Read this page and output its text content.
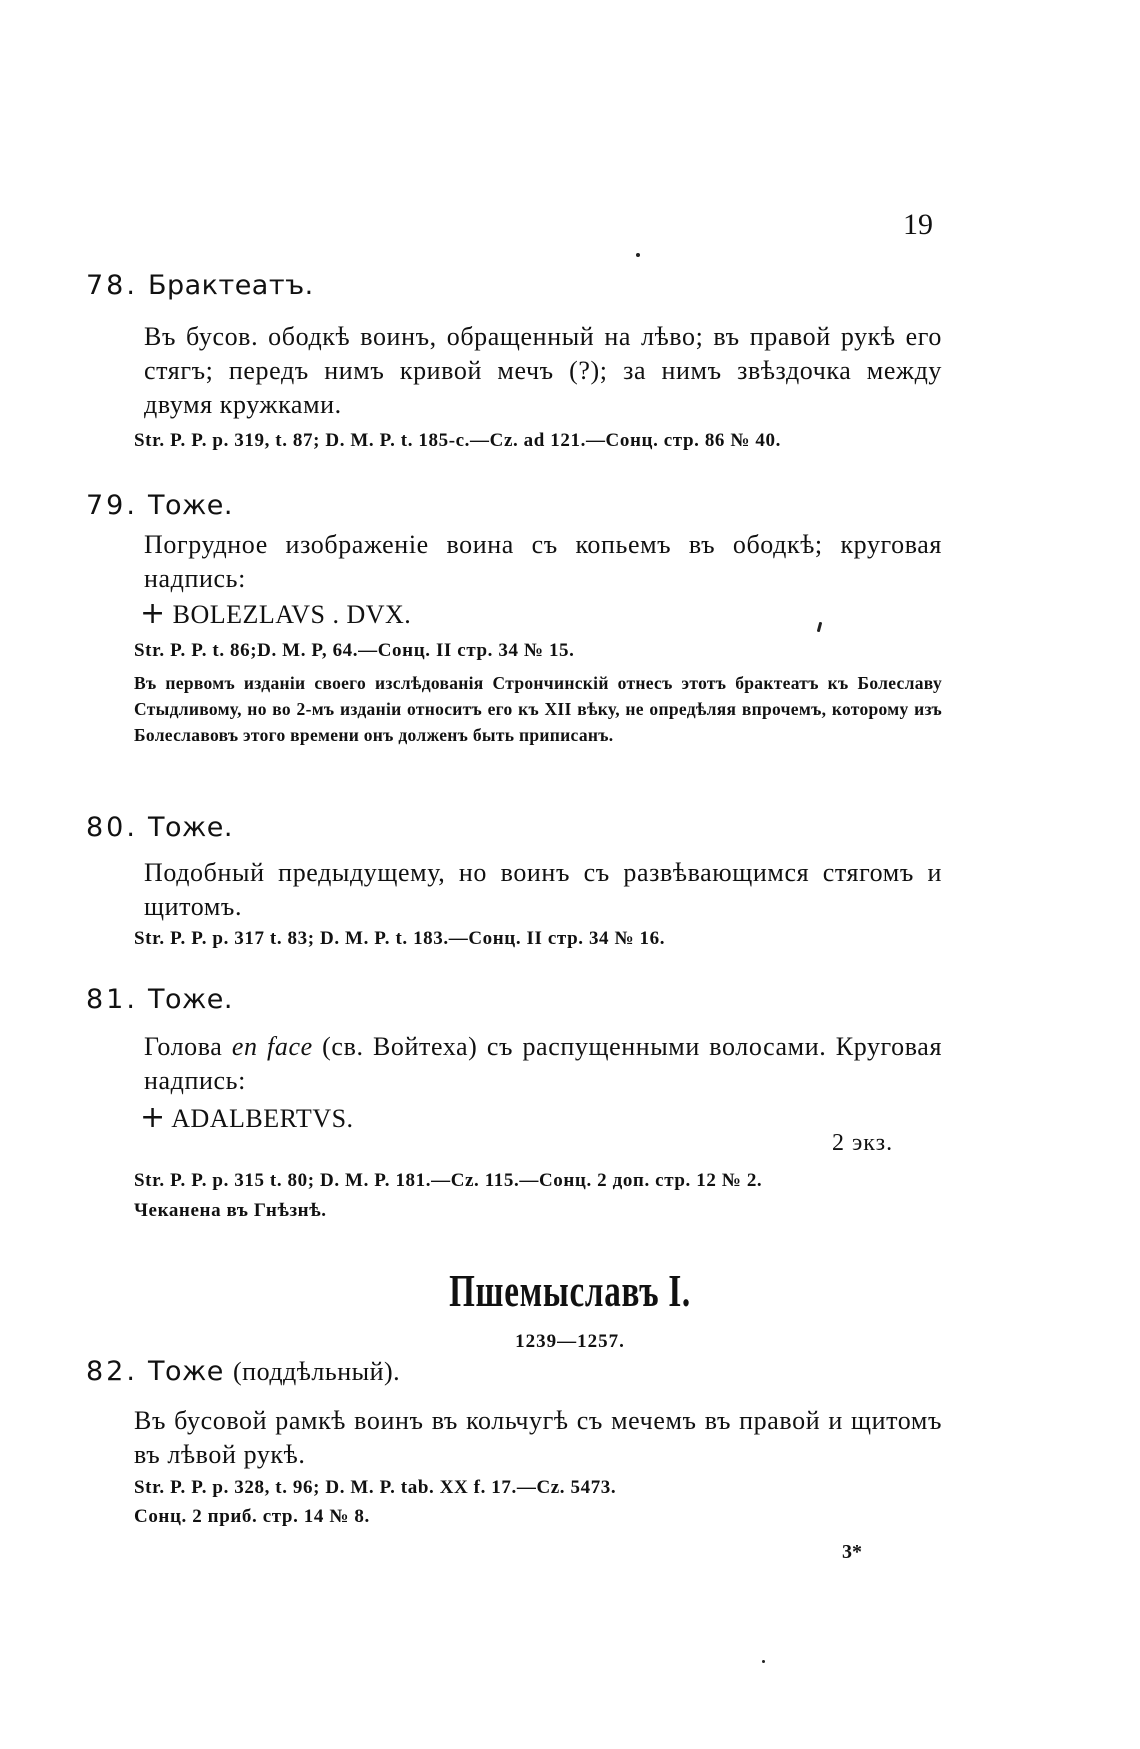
19
78. Брактеатъ.
Въ бусов. ободкѣ воинъ, обращенный на лѣво; въ правой рукѣ его стягъ; передъ нимъ кривой мечъ (?); за нимъ звѣздочка между двумя кружками.
Str. P. P. p. 319, t. 87; D. M. P. t. 185-c.—Cz. ad 121.—Сонц. стр. 86 № 40.
79. Тоже.
Погрудное изображеніе воина съ копьемъ въ ободкѣ; круговая надпись:
+ BOLEZLAVS . DVX.
Str. P. P. t. 86;D. M. P, 64.—Сонц. II стр. 34 № 15.
Въ первомъ изданіи своего изслѣдованія Стрончинскій отнесъ этотъ брактеатъ къ Болеславу Стыдливому, но во 2-мъ изданіи относитъ его къ XII вѣку, не опредѣляя впрочемъ, которому изъ Болеславовъ этого времени онъ долженъ быть приписанъ.
80. Тоже.
Подобный предыдущему, но воинъ съ развѣвающимся стягомъ и щитомъ.
Str. P. P. p. 317 t. 83; D. M. P. t. 183.—Сонц. II стр. 34 № 16.
81. Тоже.
Голова en face (св. Войтеха) съ распущенными волосами. Круговая надпись:
+ ADALBERTVS.
2 экз.
Str. P. P. p. 315 t. 80; D. M. P. 181.—Cz. 115.—Сонц. 2 доп. стр. 12 № 2.
Чеканена въ Гнѣзнѣ.
Пшемыславъ I.
1239—1257.
82. Тоже (поддѣльный).
Въ бусовой рамкѣ воинъ въ кольчугѣ съ мечемъ въ правой и щитомъ въ лѣвой рукѣ.
Str. P. P. p. 328, t. 96; D. M. P. tab. XX f. 17.—Cz. 5473.
Сонц. 2 приб. стр. 14 № 8.
3*
